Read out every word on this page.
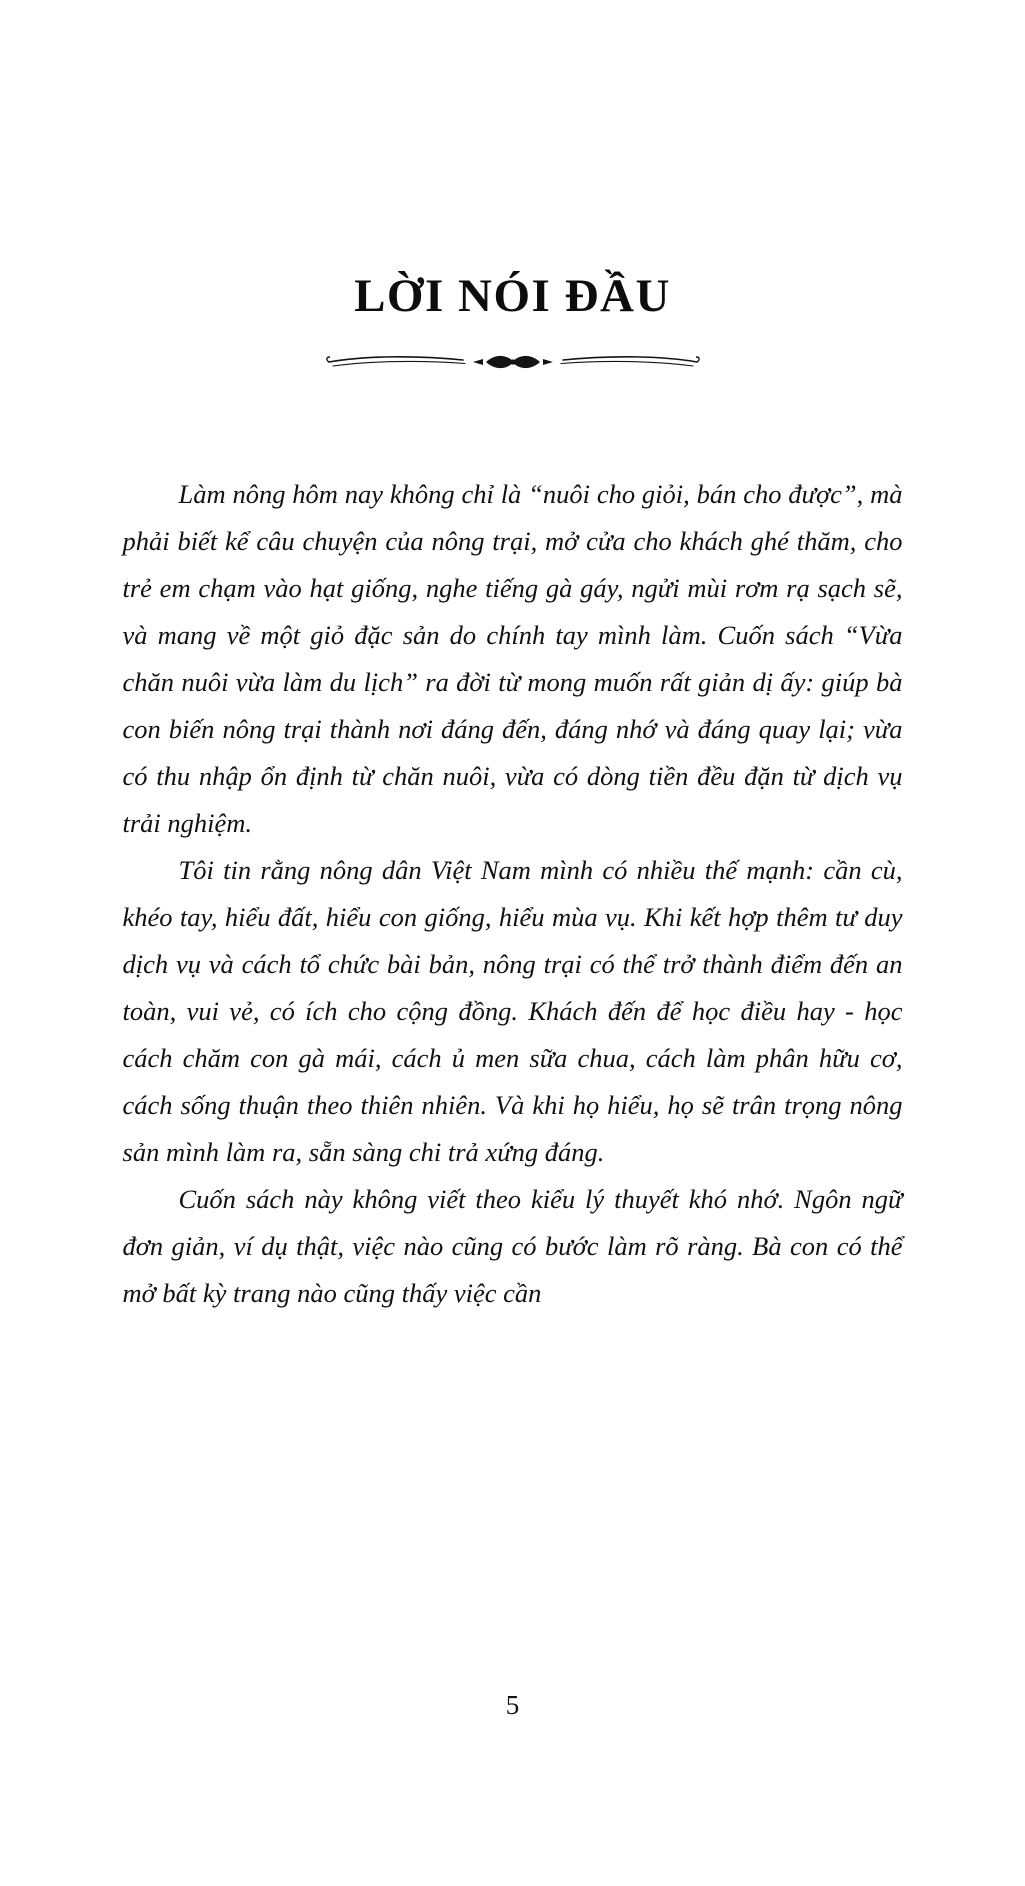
LỜI NÓI ĐẦU

Làm nông hôm nay không chỉ là “nuôi cho giỏi, bán cho được”, mà phải biết kể câu chuyện của nông trại, mở cửa cho khách ghé thăm, cho trẻ em chạm vào hạt giống, nghe tiếng gà gáy, ngửi mùi rơm rạ sạch sẽ, và mang về một giỏ đặc sản do chính tay mình làm. Cuốn sách “Vừa chăn nuôi vừa làm du lịch” ra đời từ mong muốn rất giản dị ấy: giúp bà con biến nông trại thành nơi đáng đến, đáng nhớ và đáng quay lại; vừa có thu nhập ổn định từ chăn nuôi, vừa có dòng tiền đều đặn từ dịch vụ trải nghiệm.

Tôi tin rằng nông dân Việt Nam mình có nhiều thế mạnh: cần cù, khéo tay, hiểu đất, hiểu con giống, hiểu mùa vụ. Khi kết hợp thêm tư duy dịch vụ và cách tổ chức bài bản, nông trại có thể trở thành điểm đến an toàn, vui vẻ, có ích cho cộng đồng. Khách đến để học điều hay - học cách chăm con gà mái, cách ủ men sữa chua, cách làm phân hữu cơ, cách sống thuận theo thiên nhiên. Và khi họ hiểu, họ sẽ trân trọng nông sản mình làm ra, sẵn sàng chi trả xứng đáng.

Cuốn sách này không viết theo kiểu lý thuyết khó nhớ. Ngôn ngữ đơn giản, ví dụ thật, việc nào cũng có bước làm rõ ràng. Bà con có thể mở bất kỳ trang nào cũng thấy việc cần

5
